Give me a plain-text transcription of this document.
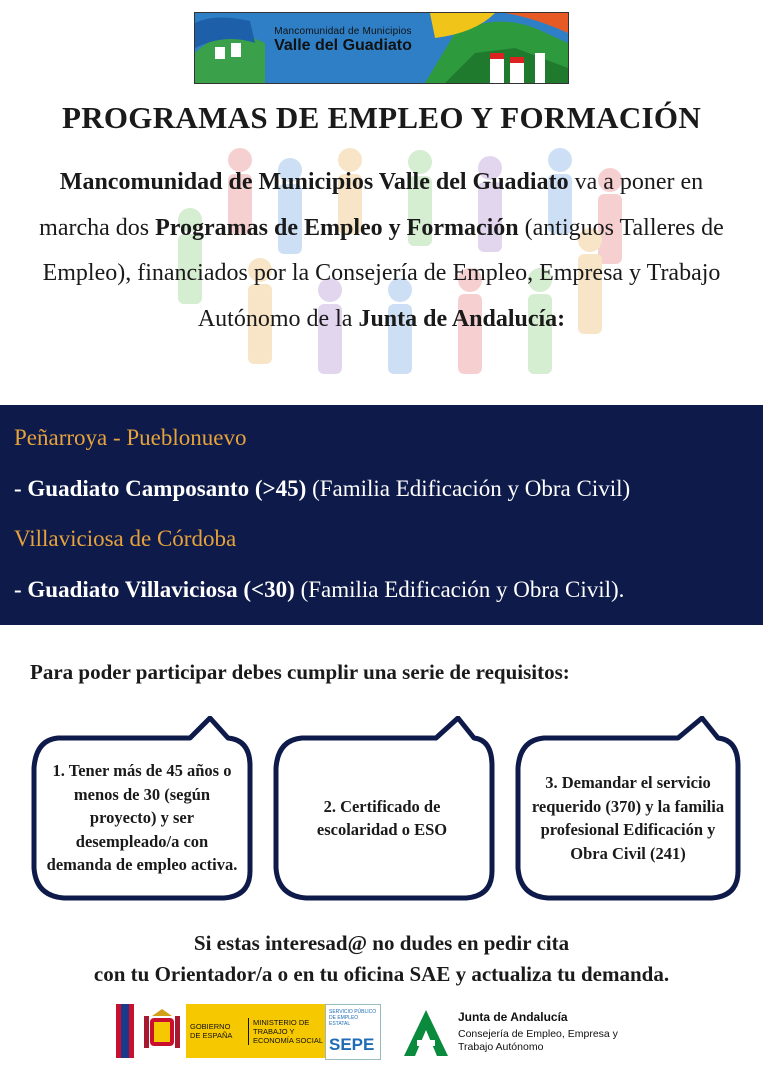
Mancomunidad de Municipios
Valle del Guadiato
PROGRAMAS DE EMPLEO Y FORMACIÓN
Mancomunidad de Municipios Valle del Guadiato va a poner en marcha dos Programas de Empleo y Formación (antiguos Talleres de Empleo), financiados por la Consejería de Empleo, Empresa y Trabajo Autónomo de la Junta de Andalucía:
Peñarroya - Pueblonuevo
- Guadiato Camposanto (>45) (Familia Edificación y Obra Civil)
Villaviciosa de Córdoba
- Guadiato Villaviciosa (<30) (Familia Edificación y Obra Civil).
Para poder participar debes cumplir una serie de requisitos:
1. Tener más de 45 años o menos de 30 (según proyecto) y ser desempleado/a con demanda de empleo activa.
2. Certificado de escolaridad o ESO
3. Demandar el servicio requerido (370) y la familia profesional Edificación y Obra Civil (241)
Si estas interesad@ no dudes en pedir cita
con tu Orientador/a o en tu oficina SAE y actualiza tu demanda.
GOBIERNO DE ESPAÑA
MINISTERIO DE TRABAJO Y ECONOMÍA SOCIAL
SERVICIO PÚBLICO DE EMPLEO ESTATAL
SEPE
Junta de Andalucía
Consejería de Empleo, Empresa y Trabajo Autónomo
